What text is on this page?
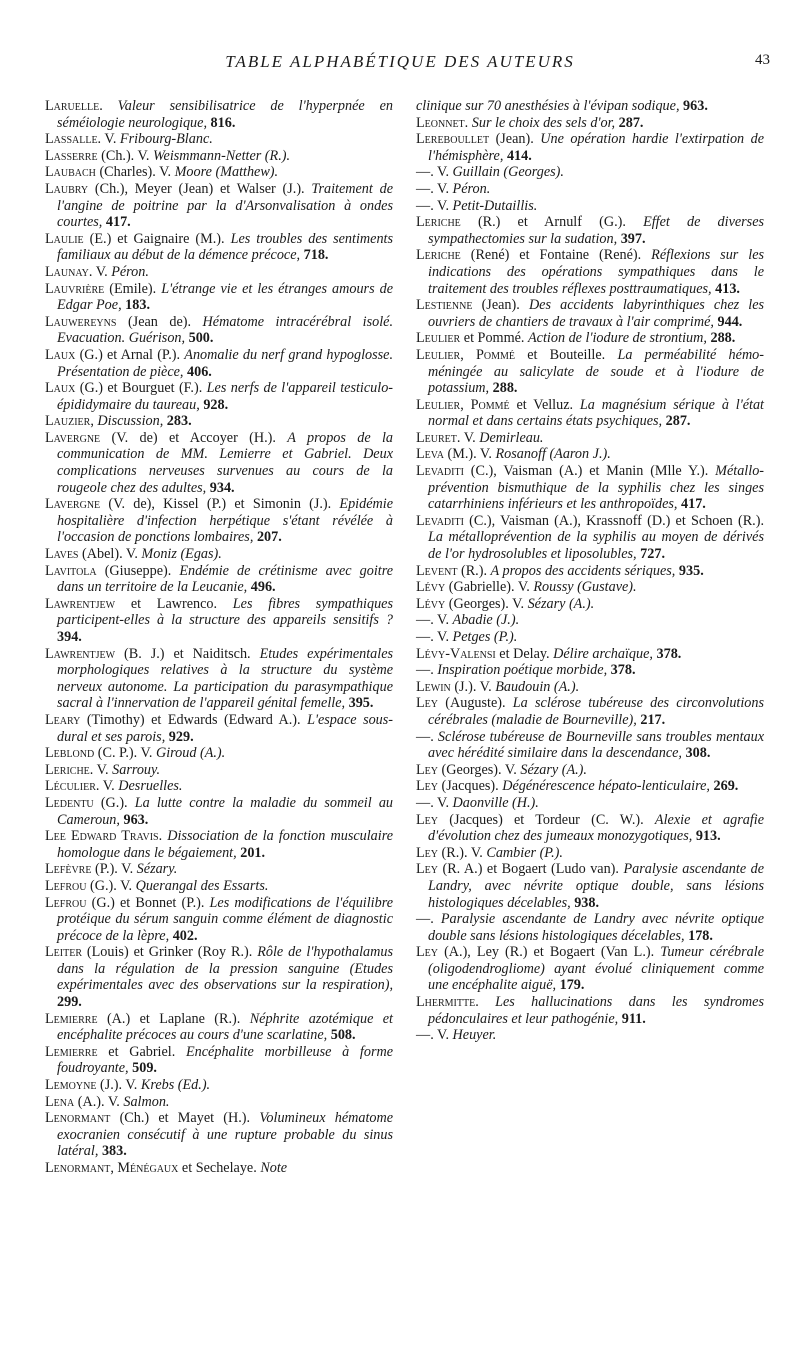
TABLE ALPHABÉTIQUE DES AUTEURS	43

Laruelle. Valeur sensibilisatrice de l'hyperpnée en séméiologie neurologique, 816.

Lassalle. V. Fribourg-Blanc.

Lasserre (Ch.). V. Weismmann-Netter (R.).

Laubach (Charles). V. Moore (Matthew).

Laubry (Ch.), Meyer (Jean) et Walser (J.). Traitement de l'angine de poitrine par la d'Arsonvalisation à ondes courtes, 417.

Laulie (E.) et Gaignaire (M.). Les troubles des sentiments familiaux au début de la démence précoce, 718.

Launay. V. Péron.

Lauvrière (Emile). L'étrange vie et les étranges amours de Edgar Poe, 183.

Lauwereyns (Jean de). Hématome intracérébral isolé. Evacuation. Guérison, 500.

Laux (G.) et Arnal (P.). Anomalie du nerf grand hypoglosse. Présentation de pièce, 406.

Laux (G.) et Bourguet (F.). Les nerfs de l'appareil testiculo-épididymaire du taureau, 928.

Lauzier, Discussion, 283.

Lavergne (V. de) et Accoyer (H.). A propos de la communication de MM. Lemierre et Gabriel. Deux complications nerveuses survenues au cours de la rougeole chez des adultes, 934.

Lavergne (V. de), Kissel (P.) et Simonin (J.). Epidémie hospitalière d'infection herpétique s'étant révélée à l'occasion de ponctions lombaires, 207.

Laves (Abel). V. Moniz (Egas).

Lavitola (Giuseppe). Endémie de crétinisme avec goitre dans un territoire de la Leucanie, 496.

Lawrentjew et Lawrenco. Les fibres sympathiques participent-elles à la structure des appareils sensitifs ? 394.

Lawrentjew (B. J.) et Naiditsch. Etudes expérimentales morphologiques relatives à la structure du système nerveux autonome. La participation du parasympathique sacral à l'innervation de l'appareil génital femelle, 395.

Leary (Timothy) et Edwards (Edward A.). L'espace sous-dural et ses parois, 929.

Leblond (C. P.). V. Giroud (A.).

Leriche. V. Sarrouy.

Léculier. V. Desruelles.

Ledentu (G.). La lutte contre la maladie du sommeil au Cameroun, 963.

Lee Edward Travis. Dissociation de la fonction musculaire homologue dans le bégaiement, 201.

Lefèvre (P.). V. Sézary.

Lefrou (G.). V. Querangal des Essarts.

Lefrou (G.) et Bonnet (P.). Les modifications de l'équilibre protéique du sérum sanguin comme élément de diagnostic précoce de la lèpre, 402.

Leiter (Louis) et Grinker (Roy R.). Rôle de l'hypothalamus dans la régulation de la pression sanguine (Etudes expérimentales avec des observations sur la respiration), 299.

Lemierre (A.) et Laplane (R.). Néphrite azotémique et encéphalite précoces au cours d'une scarlatine, 508.

Lemierre et Gabriel. Encéphalite morbilleuse à forme foudroyante, 509.

Lemoyne (J.). V. Krebs (Ed.).

Lena (A.). V. Salmon.

Lenormant (Ch.) et Mayet (H.). Volumineux hématome exocranien consécutif à une rupture probable du sinus latéral, 383.

Lenormant, Ménégaux et Sechelaye. Note

clinique sur 70 anesthésies à l'évipan sodique, 963.

Leonnet. Sur le choix des sels d'or, 287.

Lereboullet (Jean). Une opération hardie l'extirpation de l'hémisphère, 414.

—. V. Guillain (Georges).

—. V. Péron.

—. V. Petit-Dutaillis.

Leriche (R.) et Arnulf (G.). Effet de diverses sympathectomies sur la sudation, 397.

Leriche (René) et Fontaine (René). Réflexions sur les indications des opérations sympathiques dans le traitement des troubles réflexes posttraumatiques, 413.

Lestienne (Jean). Des accidents labyrinthiques chez les ouvriers de chantiers de travaux à l'air comprimé, 944.

Leulier et Pommé. Action de l'iodure de strontium, 288.

Leulier, Pommé et Bouteille. La perméabilité hémo-méningée au salicylate de soude et à l'iodure de potassium, 288.

Leulier, Pommé et Velluz. La magnésium sérique à l'état normal et dans certains états psychiques, 287.

Leuret. V. Demirleau.

Leva (M.). V. Rosanoff (Aaron J.).

Levaditi (C.), Vaisman (A.) et Manin (Mlle Y.). Métallo-prévention bismuthique de la syphilis chez les singes catarrhiniens inférieurs et les anthropoïdes, 417.

Levaditi (C.), Vaisman (A.), Krassnoff (D.) et Schoen (R.). La métalloprévention de la syphilis au moyen de dérivés de l'or hydrosolubles et liposolubles, 727.

Levent (R.). A propos des accidents sériques, 935.

Lévy (Gabrielle). V. Roussy (Gustave).

Lévy (Georges). V. Sézary (A.).

—. V. Abadie (J.).

—. V. Petges (P.).

Lévy-Valensi et Delay. Délire archaïque, 378.

—. Inspiration poétique morbide, 378.

Lewin (J.). V. Baudouin (A.).

Ley (Auguste). La sclérose tubéreuse des circonvolutions cérébrales (maladie de Bourneville), 217.

—. Sclérose tubéreuse de Bourneville sans troubles mentaux avec hérédité similaire dans la descendance, 308.

Ley (Georges). V. Sézary (A.).

Ley (Jacques). Dégénérescence hépato-lenticulaire, 269.

—. V. Daonville (H.).

Ley (Jacques) et Tordeur (C. W.). Alexie et agrafie d'évolution chez des jumeaux monozygotiques, 913.

Ley (R.). V. Cambier (P.).

Ley (R. A.) et Bogaert (Ludo van). Paralysie ascendante de Landry, avec névrite optique double, sans lésions histologiques décelables, 938.

—. Paralysie ascendante de Landry avec névrite optique double sans lésions histologiques décelables, 178.

Ley (A.), Ley (R.) et Bogaert (Van L.). Tumeur cérébrale (oligodendrogliome) ayant évolué cliniquement comme une encéphalite aiguë, 179.

Lhermitte. Les hallucinations dans les syndromes pédonculaires et leur pathogénie, 911.

—. V. Heuyer.
